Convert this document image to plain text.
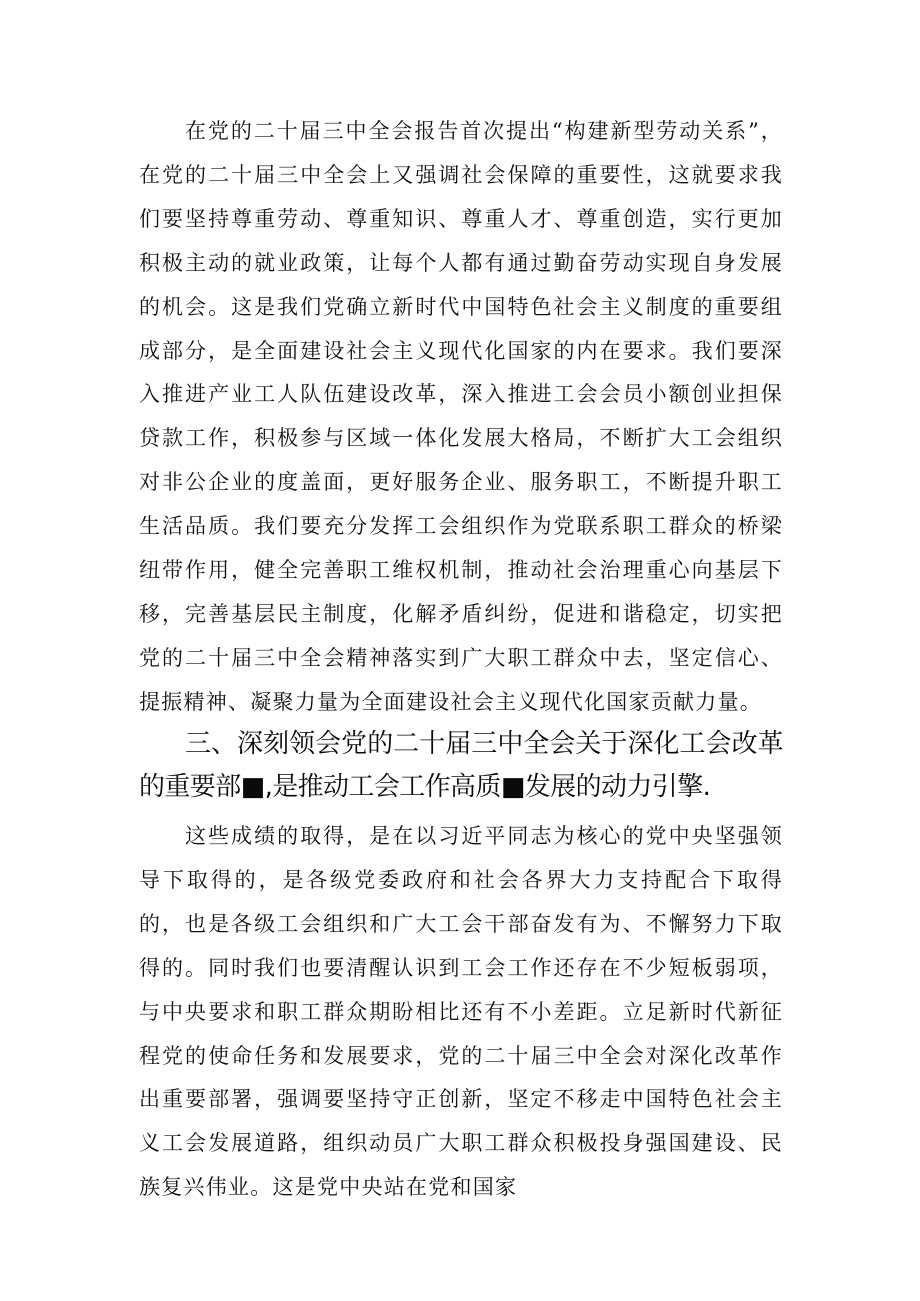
在党的二十届三中全会报告首次提出“构建新型劳动关系”，在党的二十届三中全会上又强调社会保障的重要性，这就要求我们要坚持尊重劳动、尊重知识、尊重人才、尊重创造，实行更加积极主动的就业政策，让每个人都有通过勤奋劳动实现自身发展的机会。这是我们党确立新时代中国特色社会主义制度的重要组成部分，是全面建设社会主义现代化国家的内在要求。我们要深入推进产业工人队伍建设改革，深入推进工会会员小额创业担保贷款工作，积极参与区域一体化发展大格局，不断扩大工会组织对非公企业的度盖面，更好服务企业、服务职工，不断提升职工生活品质。我们要充分发挥工会组织作为党联系职工群众的桥梁纽带作用，健全完善职工维权机制，推动社会治理重心向基层下移，完善基层民主制度，化解矛盾纠纷，促进和谐稳定，切实把党的二十届三中全会精神落实到广大职工群众中去，坚定信心、提振精神、凝聚力量为全面建设社会主义现代化国家贡献力量。

三、深刻领会党的二十届三中全会关于深化工会改革的重要部■,是推动工会工作高质■发展的动力引擎.

这些成绩的取得，是在以习近平同志为核心的党中央坚强领导下取得的，是各级党委政府和社会各界大力支持配合下取得的，也是各级工会组织和广大工会干部奋发有为、不懈努力下取得的。同时我们也要清醒认识到工会工作还存在不少短板弱项，与中央要求和职工群众期盼相比还有不小差距。立足新时代新征程党的使命任务和发展要求，党的二十届三中全会对深化改革作出重要部署，强调要坚持守正创新，坚定不移走中国特色社会主义工会发展道路，组织动员广大职工群众积极投身强国建设、民族复兴伟业。这是党中央站在党和国家
